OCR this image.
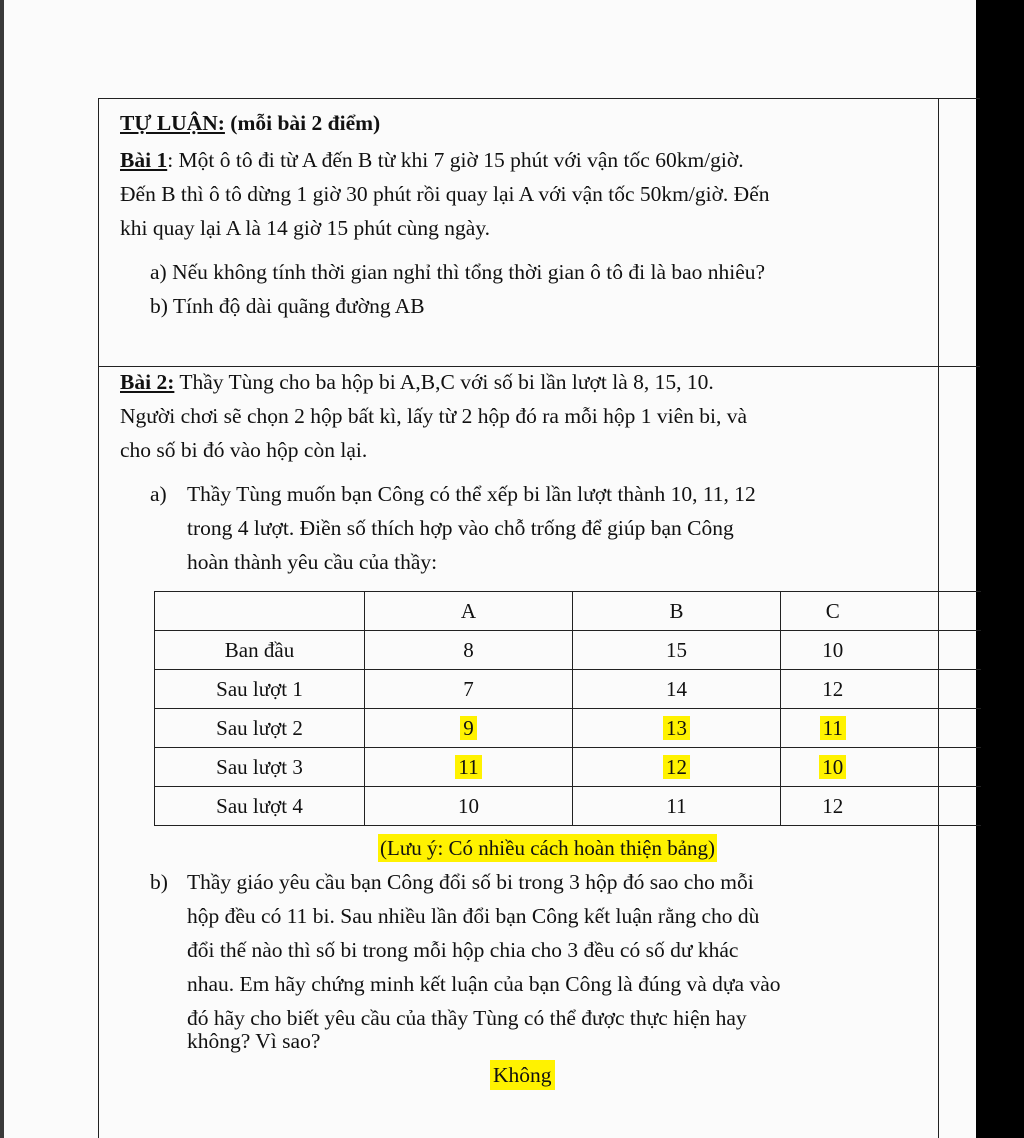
TỰ LUẬN: (mỗi bài 2 điểm)
Bài 1: Một ô tô đi từ A đến B từ khi 7 giờ 15 phút với vận tốc 60km/giờ.
Đến B thì ô tô dừng 1 giờ 30 phút rồi quay lại A với vận tốc 50km/giờ. Đến
khi quay lại A là 14 giờ 15 phút cùng ngày.
a) Nếu không tính thời gian nghỉ thì tổng thời gian ô tô đi là bao nhiêu?
b) Tính độ dài quãng đường AB
Bài 2: Thầy Tùng cho ba hộp bi A,B,C với số bi lần lượt là 8, 15, 10.
Người chơi sẽ chọn 2 hộp bất kì, lấy từ 2 hộp đó ra mỗi hộp 1 viên bi, và
cho số bi đó vào hộp còn lại.
a) Thầy Tùng muốn bạn Công có thể xếp bi lần lượt thành 10, 11, 12
trong 4 lượt. Điền số thích hợp vào chỗ trống để giúp bạn Công
hoàn thành yêu cầu của thầy:
	A	B	C
Ban đầu	8	15	10
Sau lượt 1	7	14	12
Sau lượt 2	9	13	11
Sau lượt 3	11	12	10
Sau lượt 4	10	11	12
(Lưu ý: Có nhiều cách hoàn thiện bảng)
b) Thầy giáo yêu cầu bạn Công đổi số bi trong 3 hộp đó sao cho mỗi
hộp đều có 11 bi. Sau nhiều lần đổi bạn Công kết luận rằng cho dù
đổi thế nào thì số bi trong mỗi hộp chia cho 3 đều có số dư khác
nhau. Em hãy chứng minh kết luận của bạn Công là đúng và dựa vào
đó hãy cho biết yêu cầu của thầy Tùng có thể được thực hiện hay
không? Vì sao?
Không
